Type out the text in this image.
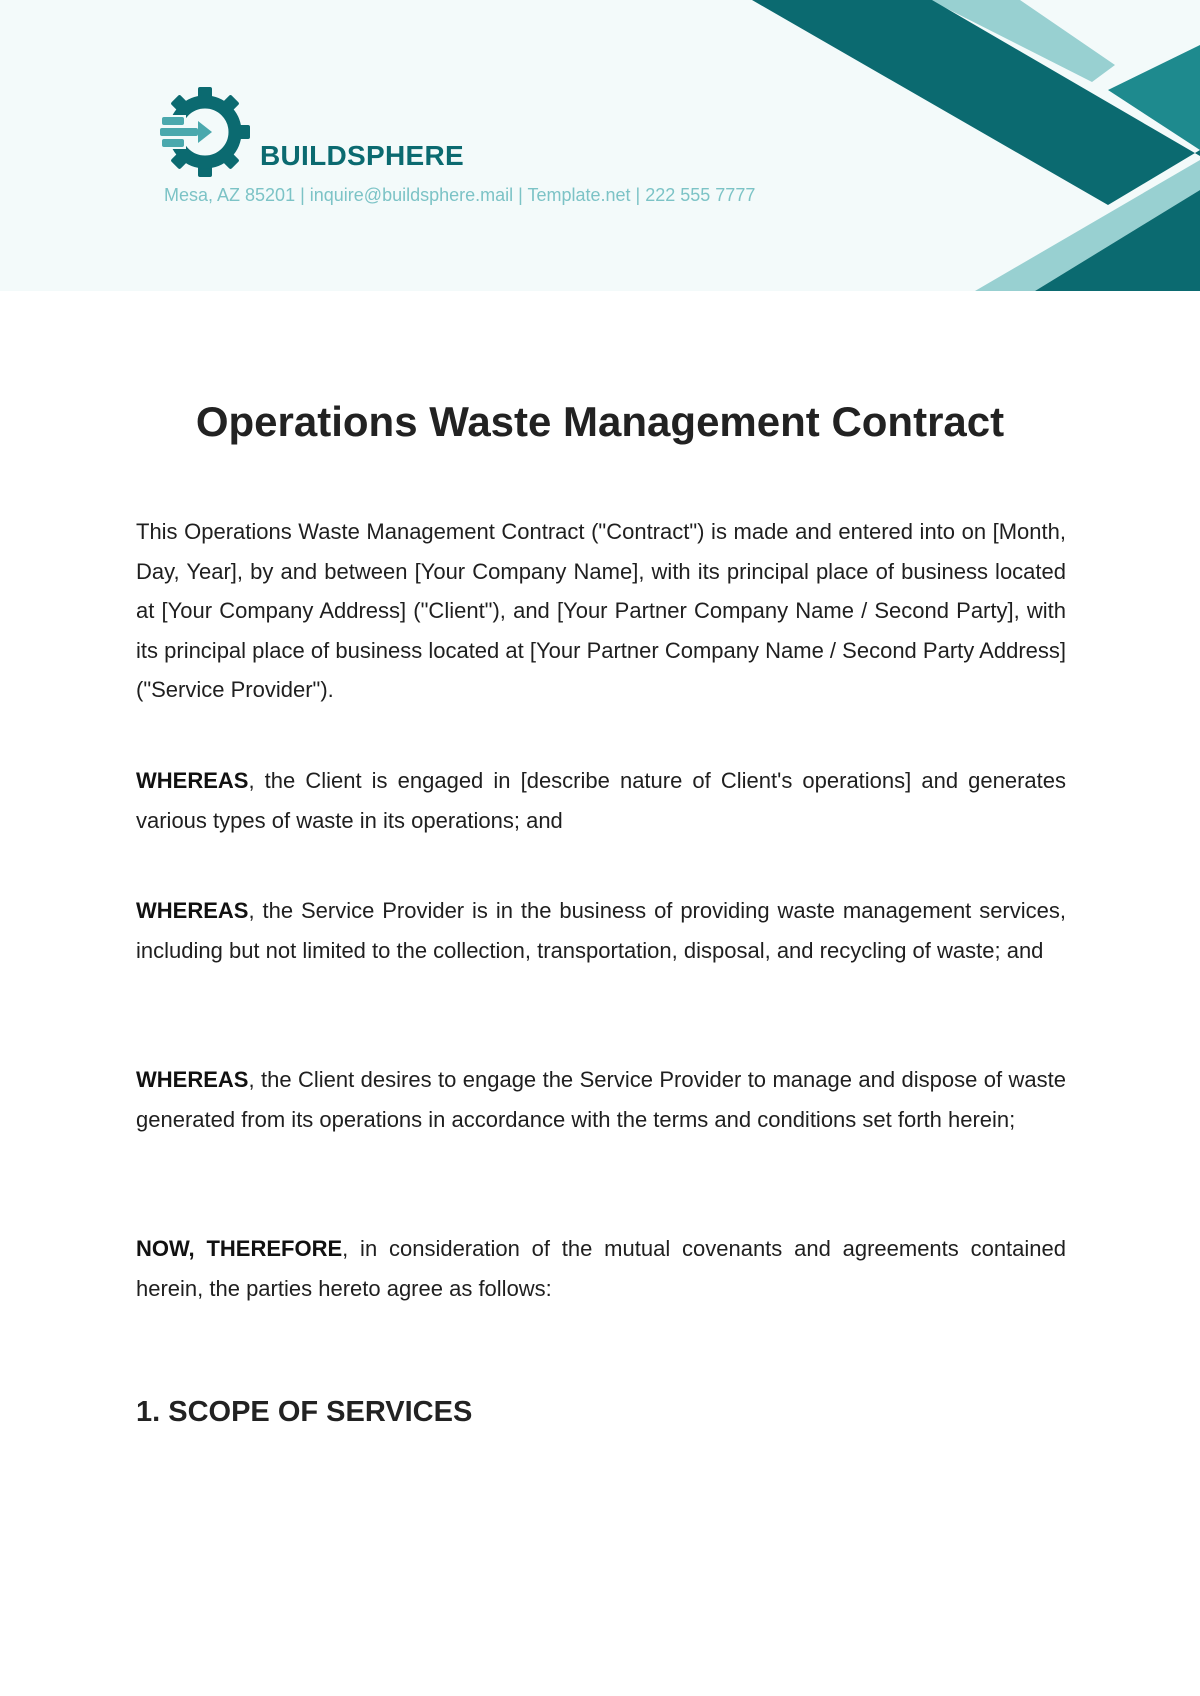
BUILDSPHERE
Mesa, AZ 85201 | inquire@buildsphere.mail | Template.net | 222 555 7777
Operations Waste Management Contract

This Operations Waste Management Contract ("Contract") is made and entered into on [Month, Day, Year], by and between [Your Company Name], with its principal place of business located at [Your Company Address] ("Client"), and [Your Partner Company Name / Second Party], with its principal place of business located at [Your Partner Company Name / Second Party Address] ("Service Provider").

WHEREAS, the Client is engaged in [describe nature of Client's operations] and generates various types of waste in its operations; and

WHEREAS, the Service Provider is in the business of providing waste management services, including but not limited to the collection, transportation, disposal, and recycling of waste; and

WHEREAS, the Client desires to engage the Service Provider to manage and dispose of waste generated from its operations in accordance with the terms and conditions set forth herein;

NOW, THEREFORE, in consideration of the mutual covenants and agreements contained herein, the parties hereto agree as follows:

1. SCOPE OF SERVICES
